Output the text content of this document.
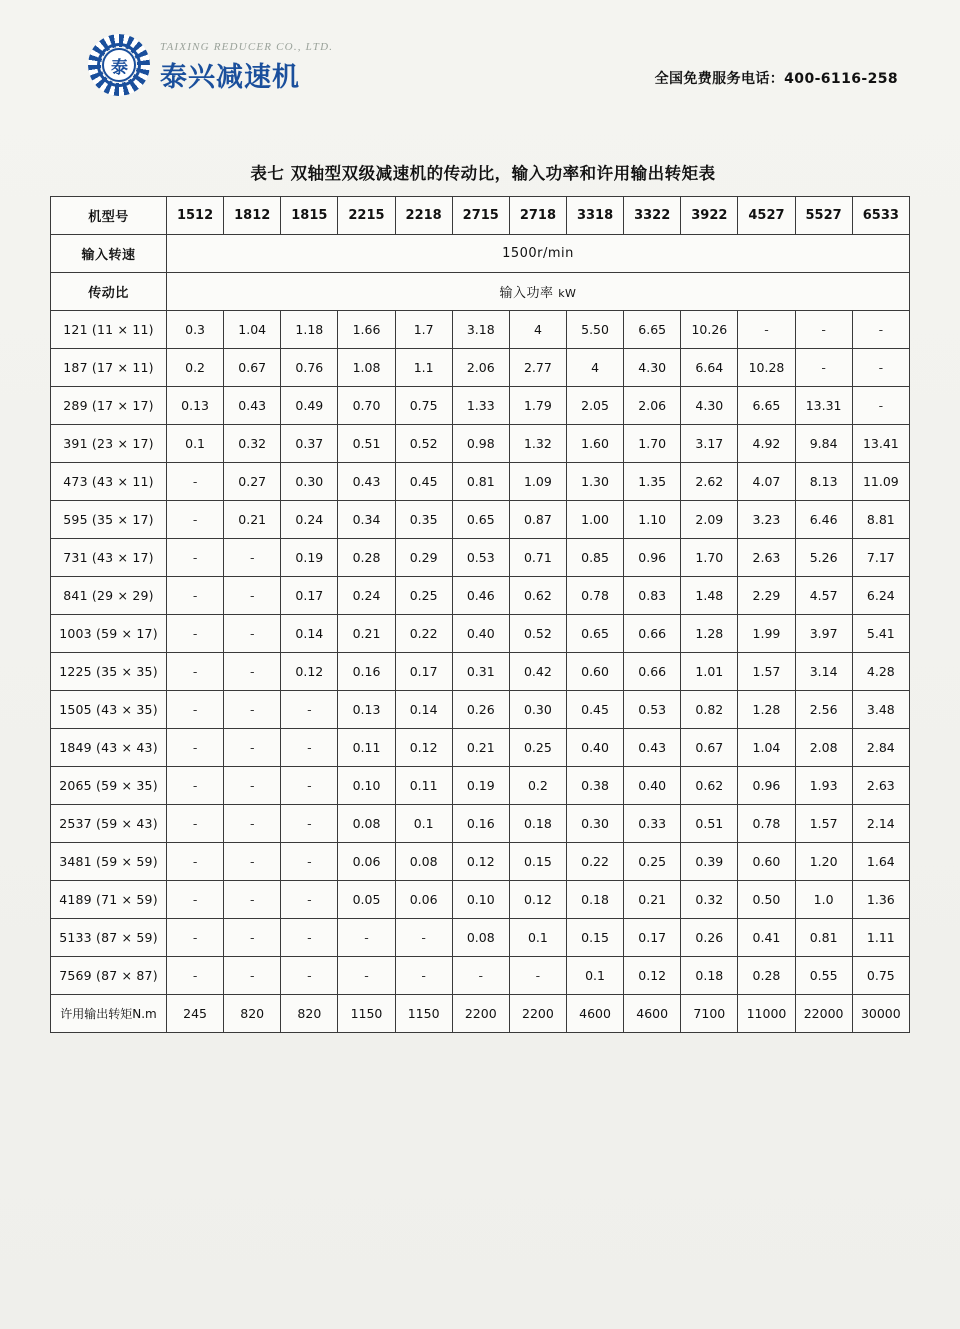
泰
TAIXING REDUCER CO., LTD.
泰兴减速机	全国免费服务电话：400-6116-258
表七 双轴型双级减速机的传动比，输入功率和许用输出转矩表
机型号	1512	1812	1815	2215	2218	2715	2718	3318	3322	3922	4527	5527	6533
输入转速	1500r/min												
传动比	输入功率 kW												
121 (11 × 11)	0.3	1.04	1.18	1.66	1.7	3.18	4	5.50	6.65	10.26	-	-	-
187 (17 × 11)	0.2	0.67	0.76	1.08	1.1	2.06	2.77	4	4.30	6.64	10.28	-	-
289 (17 × 17)	0.13	0.43	0.49	0.70	0.75	1.33	1.79	2.05	2.06	4.30	6.65	13.31	-
391 (23 × 17)	0.1	0.32	0.37	0.51	0.52	0.98	1.32	1.60	1.70	3.17	4.92	9.84	13.41
473 (43 × 11)	-	0.27	0.30	0.43	0.45	0.81	1.09	1.30	1.35	2.62	4.07	8.13	11.09
595 (35 × 17)	-	0.21	0.24	0.34	0.35	0.65	0.87	1.00	1.10	2.09	3.23	6.46	8.81
731 (43 × 17)	-	-	0.19	0.28	0.29	0.53	0.71	0.85	0.96	1.70	2.63	5.26	7.17
841 (29 × 29)	-	-	0.17	0.24	0.25	0.46	0.62	0.78	0.83	1.48	2.29	4.57	6.24
1003 (59 × 17)	-	-	0.14	0.21	0.22	0.40	0.52	0.65	0.66	1.28	1.99	3.97	5.41
1225 (35 × 35)	-	-	0.12	0.16	0.17	0.31	0.42	0.60	0.66	1.01	1.57	3.14	4.28
1505 (43 × 35)	-	-	-	0.13	0.14	0.26	0.30	0.45	0.53	0.82	1.28	2.56	3.48
1849 (43 × 43)	-	-	-	0.11	0.12	0.21	0.25	0.40	0.43	0.67	1.04	2.08	2.84
2065 (59 × 35)	-	-	-	0.10	0.11	0.19	0.2	0.38	0.40	0.62	0.96	1.93	2.63
2537 (59 × 43)	-	-	-	0.08	0.1	0.16	0.18	0.30	0.33	0.51	0.78	1.57	2.14
3481 (59 × 59)	-	-	-	0.06	0.08	0.12	0.15	0.22	0.25	0.39	0.60	1.20	1.64
4189 (71 × 59)	-	-	-	0.05	0.06	0.10	0.12	0.18	0.21	0.32	0.50	1.0	1.36
5133 (87 × 59)	-	-	-	-	-	0.08	0.1	0.15	0.17	0.26	0.41	0.81	1.11
7569 (87 × 87)	-	-	-	-	-	-	-	0.1	0.12	0.18	0.28	0.55	0.75
许用输出转矩N.m	245	820	820	1150	1150	2200	2200	4600	4600	7100	11000	22000	30000
